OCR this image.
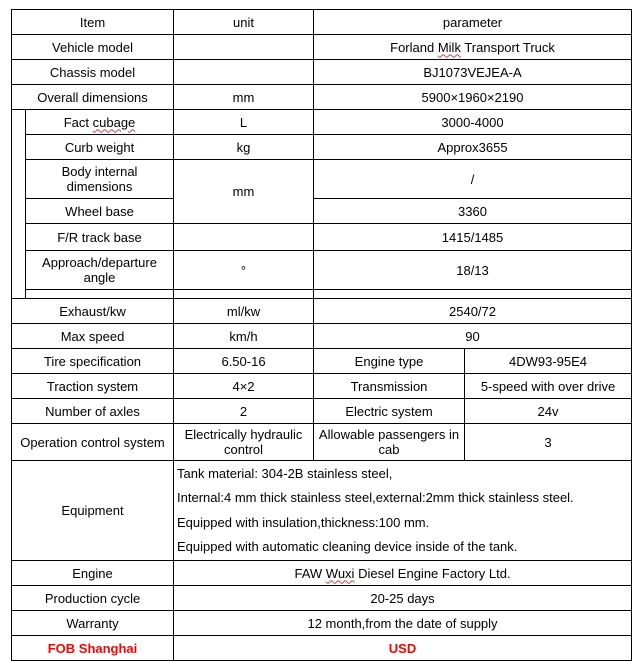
Item		unit	parameter	
Vehicle model			Forland Milk Transport Truck	
Chassis model			BJ1073VEJEA-A	
Overall dimensions		mm	5900×1960×2190	
	Fact cubage	L	3000-4000	
	Curb weight	kg	Approx3655	
	Body internal dimensions	mm	/	
	Wheel base		3360	
	F/R track base		1415/1485	
	Approach/departure angle	°	18/13	

Exhaust/kw		ml/kw	2540/72	
Max speed		km/h	90	
Tire specification		6.50-16	Engine type	4DW93-95E4
Traction system		4×2	Transmission	5-speed with over drive
Number of axles		2	Electric system	24v
Operation control system		Electrically hydraulic control	Allowable passengers in cab	3
Equipment		Tank material: 304-2B stainless steel,
Internal:4 mm thick stainless steel,external:2mm thick stainless steel.
Equipped with insulation,thickness:100 mm.
Equipped with automatic cleaning device inside of the tank.		

Engine		FAW Wuxi Diesel Engine Factory Ltd.		
Production cycle		20-25 days		
Warranty		12 month,from the date of supply		
FOB Shanghai		USD		
